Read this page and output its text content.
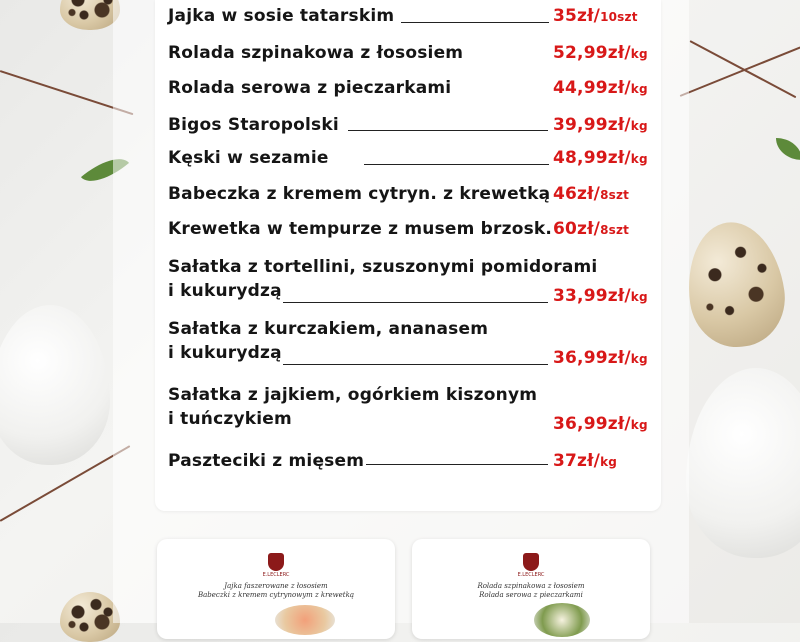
Jajka w sosie tatarskim	35zł/10szt
Rolada szpinakowa z łososiem	52,99zł/kg
Rolada serowa z pieczarkami	44,99zł/kg
Bigos Staropolski	39,99zł/kg
Kęski w sezamie	48,99zł/kg
Babeczka z kremem cytryn. z krewetką 46zł/8szt
Krewetka w tempurze z musem brzosk. 60zł/8szt
Sałatka z tortellini, szuszonymi pomidorami
i kukurydzą	33,99zł/kg
Sałatka z kurczakiem, ananasem
i kukurydzą	36,99zł/kg
Sałatka z jajkiem, ogórkiem kiszonym
i tuńczykiem	36,99zł/kg
Paszteciki z mięsem	37zł/kg
E.LECLERC
Jajka faszerowane z łososiem
Babeczki z kremem cytrynowym z krewetką
E.LECLERC
Rolada szpinakowa z łososiem
Rolada serowa z pieczarkami
